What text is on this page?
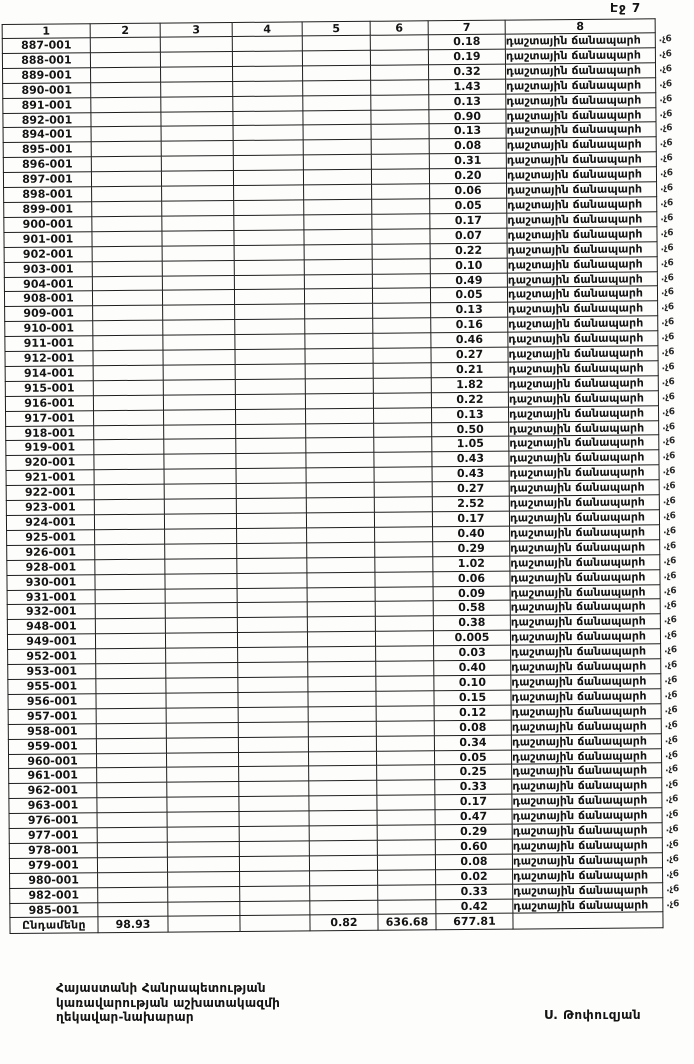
Էջ 7
1	2	3	4	5	6	7	8
887-001						0.18	դաշտային ճանապարհ .չ6

888-001						0.19	դաշտային ճանապարհ .չ6

889-001						0.32	դաշտային ճանապարհ .չ6

890-001						1.43	դաշտային ճանապարհ .չ6

891-001						0.13	դաշտային ճանապարհ .չ6

892-001						0.90	դաշտային ճանապարհ .չ6

894-001						0.13	դաշտային ճանապարհ .չ6

895-001						0.08	դաշտային ճանապարհ .չ6

896-001						0.31	դաշտային ճանապարհ .չ6

897-001						0.20	դաշտային ճանապարհ .չ6

898-001						0.06	դաշտային ճանապարհ .չ6

899-001						0.05	դաշտային ճանապարհ .չ6

900-001						0.17	դաշտային ճանապարհ .չ6

901-001						0.07	դաշտային ճանապարհ .չ6

902-001						0.22	դաշտային ճանապարհ .չ6

903-001						0.10	դաշտային ճանապարհ .չ6

904-001						0.49	դաշտային ճանապարհ .չ6

908-001						0.05	դաշտային ճանապարհ .չ6

909-001						0.13	դաշտային ճանապարհ .չ6

910-001						0.16	դաշտային ճանապարհ .չ6

911-001						0.46	դաշտային ճանապարհ .չ6

912-001						0.27	դաշտային ճանապարհ .չ6

914-001						0.21	դաշտային ճանապարհ .չ6

915-001						1.82	դաշտային ճանապարհ .չ6

916-001						0.22	դաշտային ճանապարհ .չ6

917-001						0.13	դաշտային ճանապարհ .չ6

918-001						0.50	դաշտային ճանապարհ .չ6

919-001						1.05	դաշտային ճանապարհ .չ6

920-001						0.43	դաշտային ճանապարհ .չ6

921-001						0.43	դաշտային ճանապարհ .չ6

922-001						0.27	դաշտային ճանապարհ .չ6

923-001						2.52	դաշտային ճանապարհ .չ6

924-001						0.17	դաշտային ճանապարհ .չ6

925-001						0.40	դաշտային ճանապարհ .չ6

926-001						0.29	դաշտային ճանապարհ .չ6

928-001						1.02	դաշտային ճանապարհ .չ6

930-001						0.06	դաշտային ճանապարհ .չ6

931-001						0.09	դաշտային ճանապարհ .չ6

932-001						0.58	դաշտային ճանապարհ .չ6

948-001						0.38	դաշտային ճանապարհ .չ6

949-001						0.005	դաշտային ճանապարհ .չ6

952-001						0.03	դաշտային ճանապարհ .չ6

953-001						0.40	դաշտային ճանապարհ .չ6

955-001						0.10	դաշտային ճանապարհ .չ6

956-001						0.15	դաշտային ճանապարհ .չ6

957-001						0.12	դաշտային ճանապարհ .չ6

958-001						0.08	դաշտային ճանապարհ .չ6

959-001						0.34	դաշտային ճանապարհ .չ6

960-001						0.05	դաշտային ճանապարհ .չ6

961-001						0.25	դաշտային ճանապարհ .չ6

962-001						0.33	դաշտային ճանապարհ .չ6

963-001						0.17	դաշտային ճանապարհ .չ6

976-001						0.47	դաշտային ճանապարհ .չ6

977-001						0.29	դաշտային ճանապարհ .չ6

978-001						0.60	դաշտային ճանապարհ .չ6

979-001						0.08	դաշտային ճանապարհ .չ6

980-001						0.02	դաշտային ճանապարհ .չ6

982-001						0.33	դաշտային ճանապարհ .չ6

985-001						0.42	դաշտային ճանապարհ .չ6

Ընդամենը	98.93			0.82	636.68	677.81	
Հայաստանի Հանրապետության
կառավարության աշխատակազմի
ղեկավար-նախարար	Ս. Թոփուզյան
